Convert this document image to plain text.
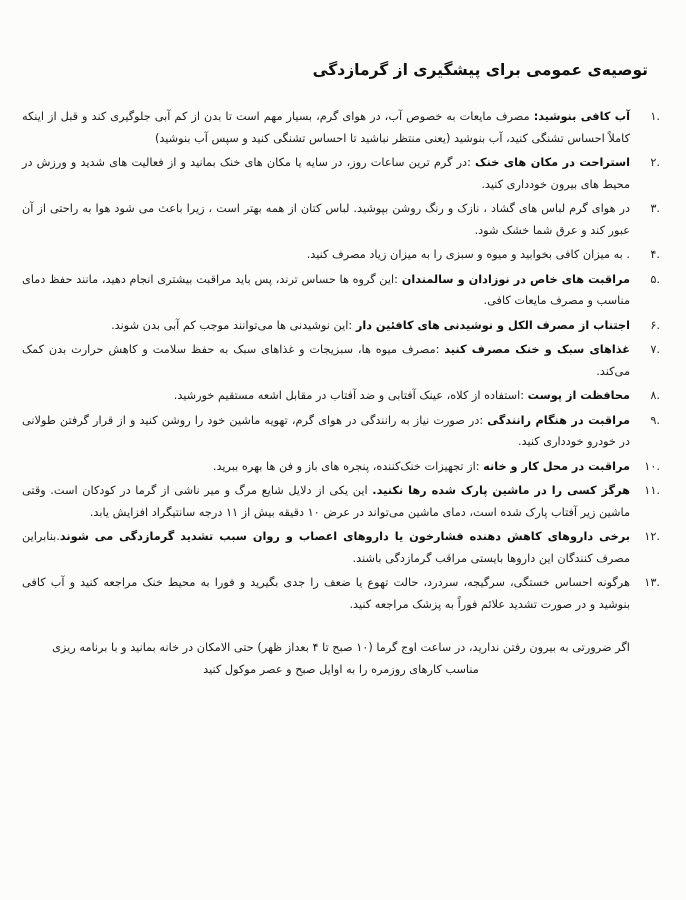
توصیه‌ی عمومی برای پیشگیری از گرمازدگی
.۱
آب کافی بنوشید: مصرف مایعات به خصوص آب، در هوای گرم، بسیار مهم است تا بدن از کم آبی جلوگیری کند و قبل از اینکه کاملاً احساس تشنگی کنید، آب بنوشید (یعنی منتظر نباشید تا احساس تشنگی کنید و سپس آب بنوشید)
.۲
استراحت در مکان های خنک :در گرم ترین ساعات روز، در سایه یا مکان های خنک بمانید و از فعالیت های شدید و ورزش در محیط های بیرون خودداری کنید.
.۳
در هوای گرم لباس های گشاد ، نازک و رنگ روشن بپوشید. لباس کتان از همه بهتر است ، زیرا باعث می شود هوا به راحتی از آن عبور کند و عرق شما خشک شود.
.۴
. به میزان کافی بخوابید و میوه و سبزی را به میزان زیاد مصرف کنید.
.۵
مراقبت های خاص در نوزادان و سالمندان :این گروه ها حساس ترند، پس باید مراقبت بیشتری انجام دهید، مانند حفظ دمای مناسب و مصرف مایعات کافی.
.۶
اجتناب از مصرف الکل و نوشیدنی های کافئین دار :این نوشیدنی ها می‌توانند موجب کم آبی بدن شوند.
.۷
غذاهای سبک و خنک مصرف کنید :مصرف میوه ها، سبزیجات و غذاهای سبک به حفظ سلامت و کاهش حرارت بدن کمک می‌کند.
.۸
محافظت از پوست :استفاده از کلاه، عینک آفتابی و ضد آفتاب در مقابل اشعه مستقیم خورشید.
.۹
مراقبت در هنگام رانندگی :در صورت نیاز به رانندگی در هوای گرم، تهویه ماشین خود را روشن کنید و از قرار گرفتن طولانی در خودرو خودداری کنید.
.۱۰
مراقبت در محل کار و خانه :از تجهیزات خنک‌کننده، پنجره های باز و فن ها بهره ببرید.
.۱۱
هرگز کسی را در ماشین پارک شده رها نکنید. این یکی از دلایل شایع مرگ و میر ناشی از گرما در کودکان است. وقتی ماشین زیر آفتاب پارک شده است، دمای ماشین می‌تواند در عرض ۱۰ دقیقه بیش از ۱۱ درجه سانتیگراد افزایش یابد.
.۱۲
برخی داروهای کاهش دهنده فشارخون یا داروهای اعصاب و روان سبب تشدید گرمازدگی می شوند.بنابراین مصرف کنندگان این داروها بایستی مراقب گرمازدگی باشند.
.۱۳
هرگونه احساس خستگی، سرگیجه، سردرد، حالت تهوع یا ضعف را جدی بگیرید و فورا به محیط خنک مراجعه کنید و آب کافی بنوشید و در صورت تشدید علائم فوراً به پزشک مراجعه کنید.

اگر ضرورتی به بیرون رفتن ندارید، در ساعت اوج گرما (۱۰ صبح تا ۴ بعداز ظهر) حتی الامکان در خانه بمانید و با برنامه ریزی مناسب کارهای روزمره را به اوایل صبح و عصر موکول کنید
